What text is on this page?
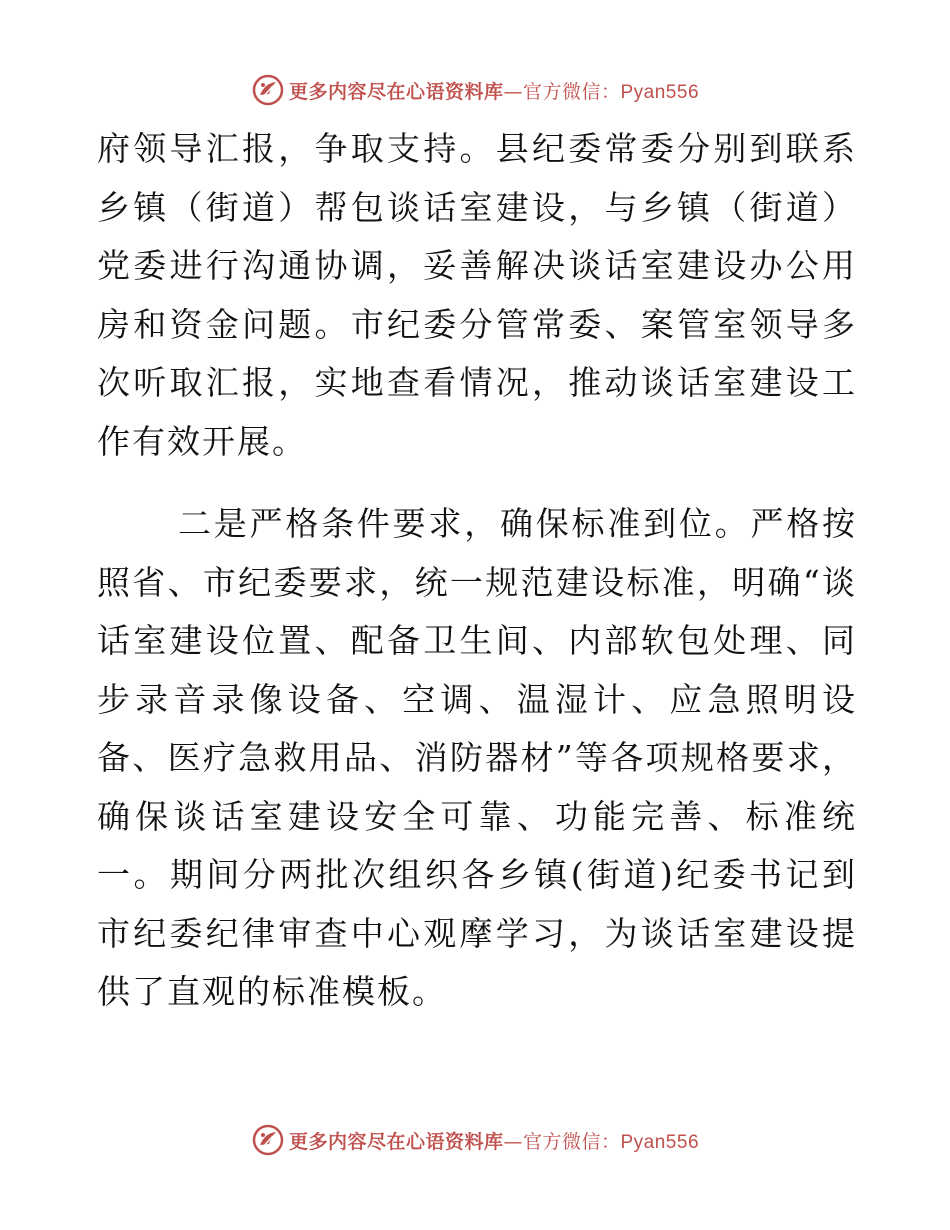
更多内容尽在心语资料库—官方微信：Pyan556

府领导汇报，争取支持。县纪委常委分别到联系乡镇（街道）帮包谈话室建设，与乡镇（街道）党委进行沟通协调，妥善解决谈话室建设办公用房和资金问题。市纪委分管常委、案管室领导多次听取汇报，实地查看情况，推动谈话室建设工作有效开展。

二是严格条件要求，确保标准到位。严格按照省、市纪委要求，统一规范建设标准，明确“谈话室建设位置、配备卫生间、内部软包处理、同步录音录像设备、空调、温湿计、应急照明设备、医疗急救用品、消防器材”等各项规格要求，确保谈话室建设安全可靠、功能完善、标准统一。期间分两批次组织各乡镇(街道)纪委书记到市纪委纪律审查中心观摩学习，为谈话室建设提供了直观的标准模板。

更多内容尽在心语资料库—官方微信：Pyan556
